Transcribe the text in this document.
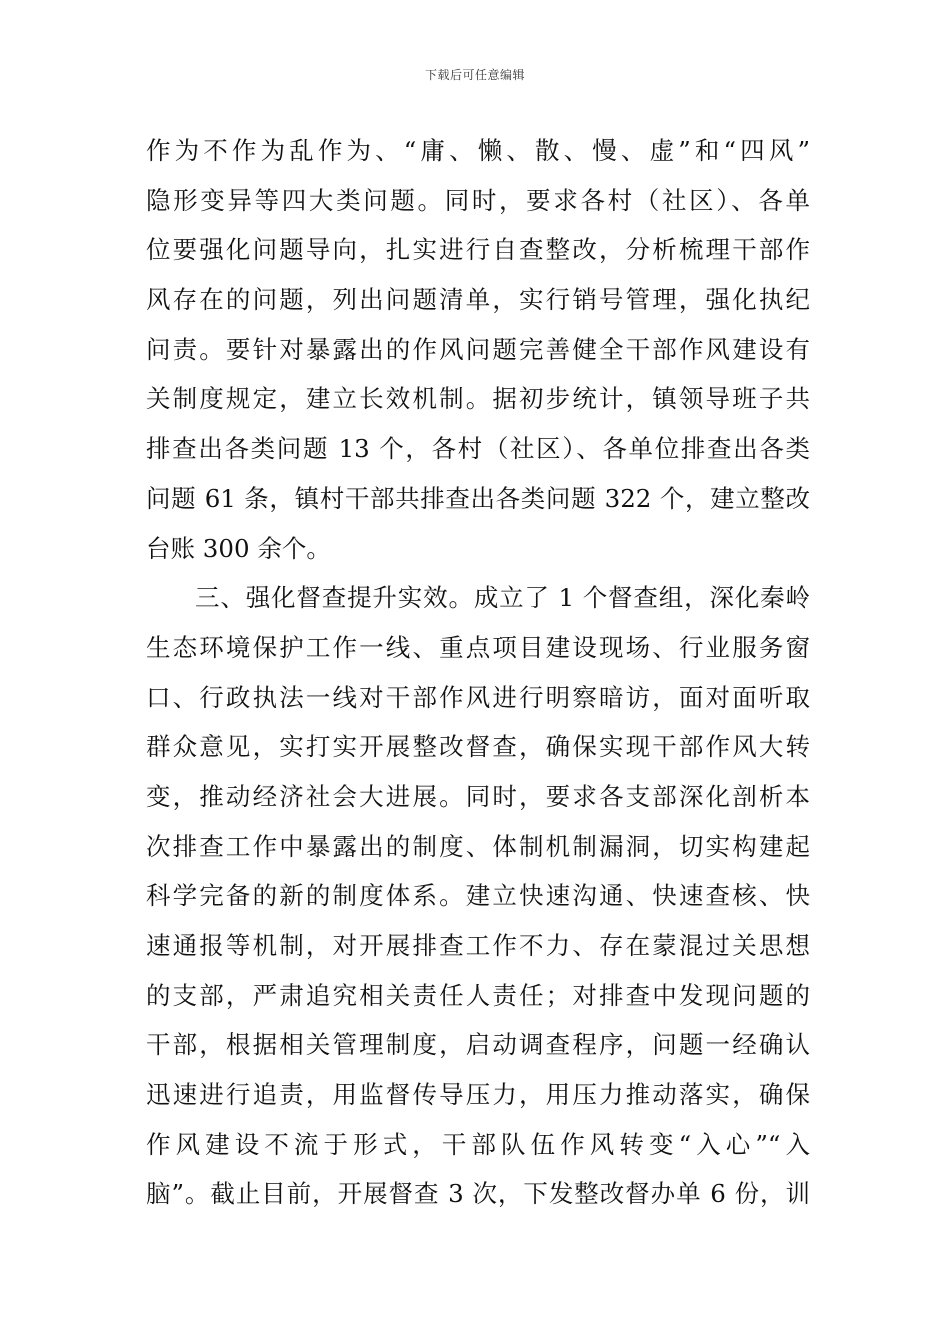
下载后可任意编辑
作为不作为乱作为、“庸、懒、散、慢、虚”和“四风”
隐形变异等四大类问题。同时，要求各村（社区）、各单
位要强化问题导向，扎实进行自查整改，分析梳理干部作
风存在的问题，列出问题清单，实行销号管理，强化执纪
问责。要针对暴露出的作风问题完善健全干部作风建设有
关制度规定，建立长效机制。据初步统计，镇领导班子共
排查出各类问题 13 个，各村（社区）、各单位排查出各类
问题 61 条，镇村干部共排查出各类问题 322 个，建立整改
台账 300 余个。
三、强化督查提升实效。成立了 1 个督查组，深化秦岭
生态环境保护工作一线、重点项目建设现场、行业服务窗
口、行政执法一线对干部作风进行明察暗访，面对面听取
群众意见，实打实开展整改督查，确保实现干部作风大转
变，推动经济社会大进展。同时，要求各支部深化剖析本
次排查工作中暴露出的制度、体制机制漏洞，切实构建起
科学完备的新的制度体系。建立快速沟通、快速查核、快
速通报等机制，对开展排查工作不力、存在蒙混过关思想
的支部，严肃追究相关责任人责任；对排查中发现问题的
干部，根据相关管理制度，启动调查程序，问题一经确认
迅速进行追责，用监督传导压力，用压力推动落实，确保
作风建设不流于形式，干部队伍作风转变“入心”“入
脑”。截止目前，开展督查 3 次，下发整改督办单 6 份，训
